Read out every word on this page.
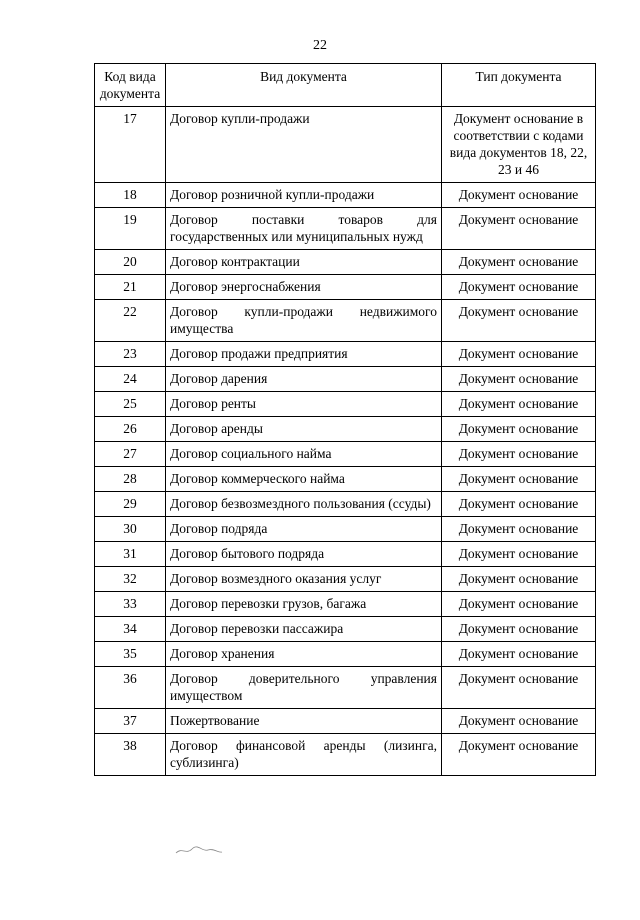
22
Код вида документа	Вид документа	Тип документа
17	Договор купли-продажи	Документ основание в соответствии с кодами вида документов 18, 22, 23 и 46
18	Договор розничной купли-продажи	Документ основание
19	Договор поставки товаров для государственных или муниципальных нужд	Документ основание
20	Договор контрактации	Документ основание
21	Договор энергоснабжения	Документ основание
22	Договор купли-продажи недвижимого имущества	Документ основание
23	Договор продажи предприятия	Документ основание
24	Договор дарения	Документ основание
25	Договор ренты	Документ основание
26	Договор аренды	Документ основание
27	Договор социального найма	Документ основание
28	Договор коммерческого найма	Документ основание
29	Договор безвозмездного пользования (ссуды)	Документ основание
30	Договор подряда	Документ основание
31	Договор бытового подряда	Документ основание
32	Договор возмездного оказания услуг	Документ основание
33	Договор перевозки грузов, багажа	Документ основание
34	Договор перевозки пассажира	Документ основание
35	Договор хранения	Документ основание
36	Договор доверительного управления имуществом	Документ основание
37	Пожертвование	Документ основание
38	Договор финансовой аренды (лизинга, сублизинга)	Документ основание
